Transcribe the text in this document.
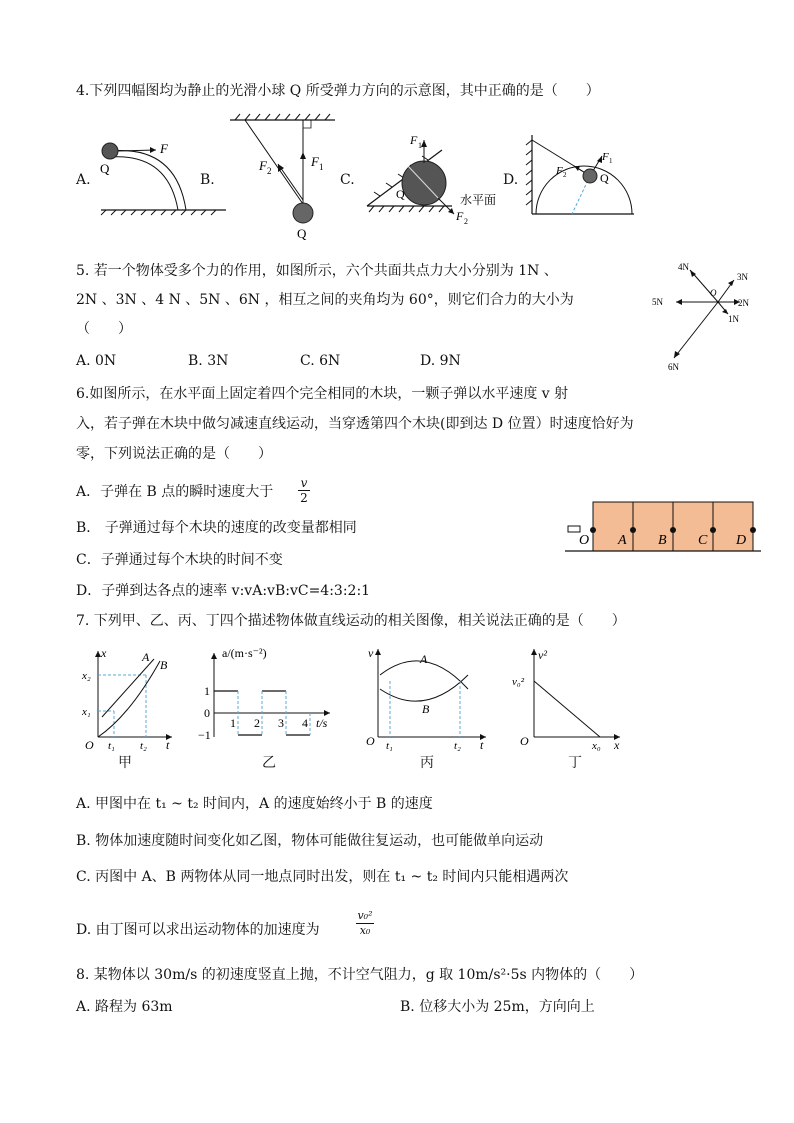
4.下列四幅图均为静止的光滑小球 Q 所受弹力方向的示意图，其中正确的是（　　）
A.
F
Q
B.
F 2
F 1
Q
C.
F 1
Q	水平面
F 2
D.
F 1
F 2	Q
5. 若一个物体受多个力的作用，如图所示，六个共面共点力大小分别为 1N 、
2N 、3N 、4 N 、5N 、6N ，相互之间的夹角均为 60°，则它们合力的大小为
（　　）
A. 0N	B. 3N	C. 6N	D. 9N
4N
3N
5N
O
2N
1N
6N
6.如图所示，在水平面上固定着四个完全相同的木块，一颗子弹以水平速度 v 射
入，若子弹在木块中做匀减速直线运动，当穿透第四个木块(即到达 D 位置）时速度恰好为
零，下列说法正确的是（　　）
A．子弹在 B 点的瞬时速度大于 $\frac{v}{2}$
B． 子弹通过每个木块的速度的改变量都相同
C．子弹通过每个木块的时间不变
D．子弹到达各点的速率 v:vA:vB:vC=4:3:2:1
O A B C D
7. 下列甲、乙、丙、丁四个描述物体做直线运动的相关图像，相关说法正确的是（　　）
x
t
O
x₁
x₂
t₁ t₂
A
B
甲
a/(m·s⁻²)
1
0
−1
1 2 3 4 t/s
乙
v
t
O t₁	t₂
A
B
丙
v²
v₀²
O	x₀ x
丁
A. 甲图中在 t₁ ~ t₂ 时间内，A 的速度始终小于 B 的速度
B. 物体加速度随时间变化如乙图，物体可能做往复运动，也可能做单向运动
C. 丙图中 A、B 两物体从同一地点同时出发，则在 t₁ ~ t₂ 时间内只能相遇两次
D. 由丁图可以求出运动物体的加速度为	$\frac{\text{v₀²}}{\text{x₀}}$
8. 某物体以 30m/s 的初速度竖直上抛，不计空气阻力，g 取 10m/s²·5s 内物体的（　　）
A. 路程为 63m	B. 位移大小为 25m，方向向上
